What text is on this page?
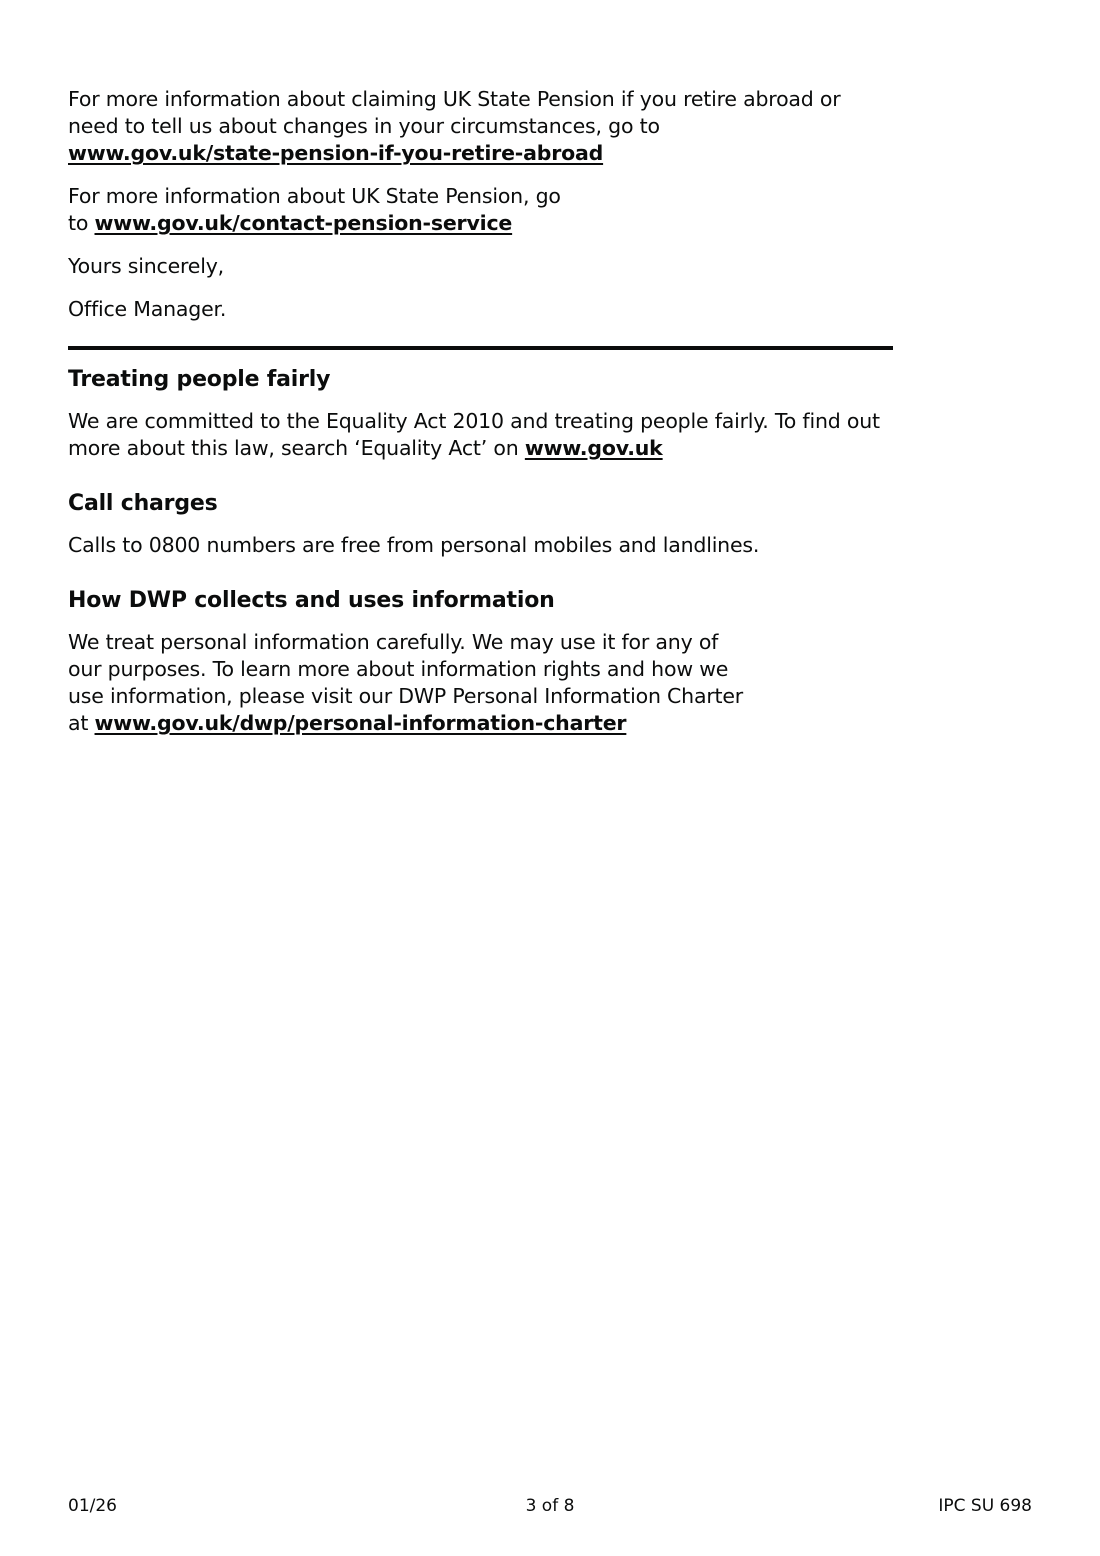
For more information about claiming UK State Pension if you retire abroad or
need to tell us about changes in your circumstances, go to
www.gov.uk/state-pension-if-you-retire-abroad

For more information about UK State Pension, go
to www.gov.uk/contact-pension-service

Yours sincerely,

Office Manager.

Treating people fairly

We are committed to the Equality Act 2010 and treating people fairly. To find out
more about this law, search ‘Equality Act’ on www.gov.uk

Call charges

Calls to 0800 numbers are free from personal mobiles and landlines.

How DWP collects and uses information

We treat personal information carefully. We may use it for any of
our purposes. To learn more about information rights and how we
use information, please visit our DWP Personal Information Charter
at www.gov.uk/dwp/personal-information-charter

01/26	3 of 8	IPC SU 698
